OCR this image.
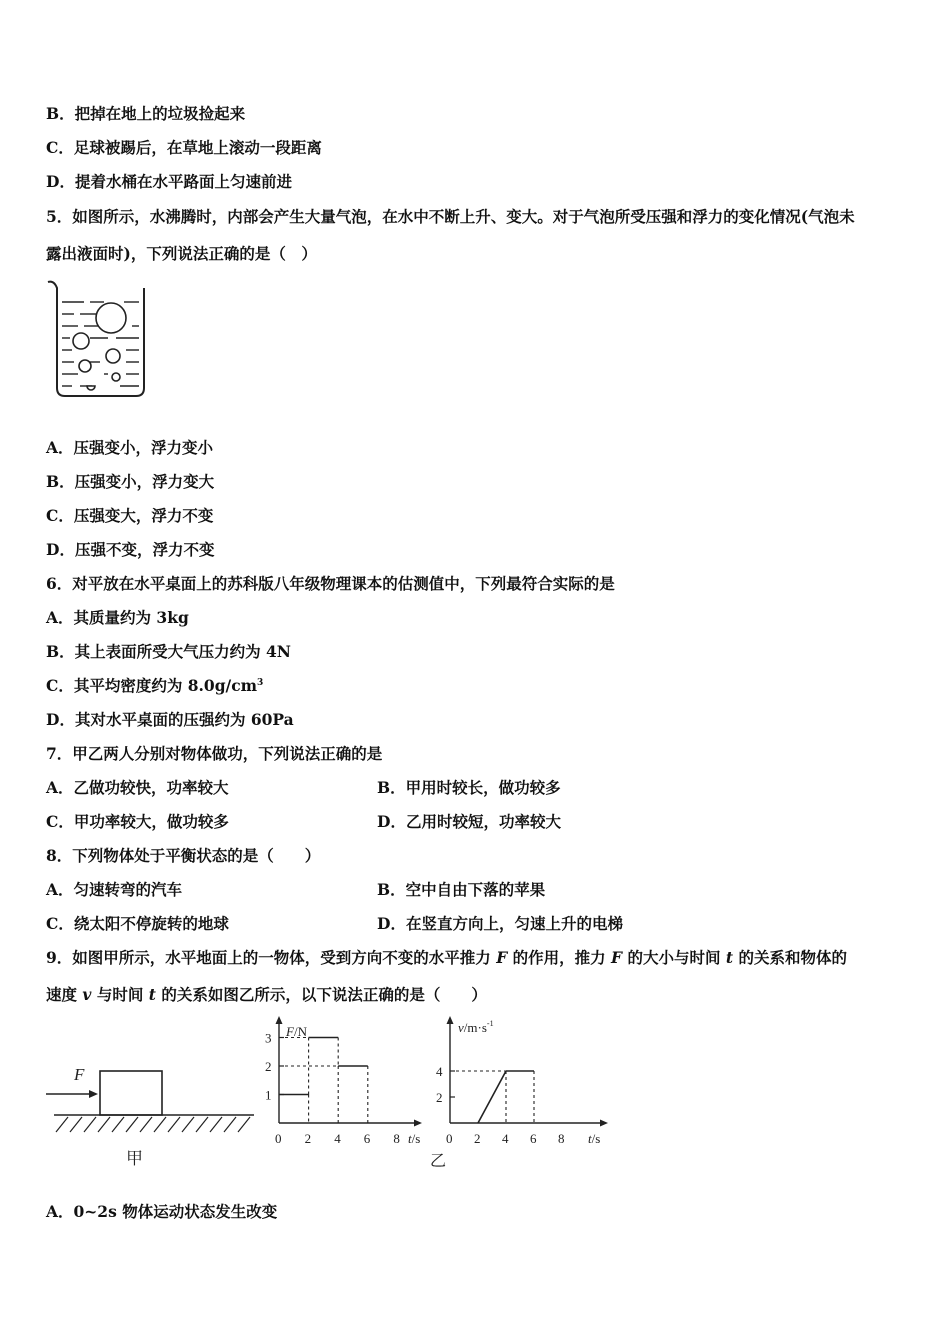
B．把掉在地上的垃圾捡起来
C．足球被踢后，在草地上滚动一段距离
D．提着水桶在水平路面上匀速前进
5．如图所示，水沸腾时，内部会产生大量气泡，在水中不断上升、变大。对于气泡所受压强和浮力的变化情况(气泡未
露出液面时)，下列说法正确的是（　）
A．压强变小，浮力变小
B．压强变小，浮力变大
C．压强变大，浮力不变
D．压强不变，浮力不变
6．对平放在水平桌面上的苏科版八年级物理课本的估测值中，下列最符合实际的是
A．其质量约为 3kg
B．其上表面所受大气压力约为 4N
C．其平均密度约为 $8.0g/cm^3$
D．其对水平桌面的压强约为 60Pa
7．甲乙两人分别对物体做功，下列说法正确的是
A．乙做功较快，功率较大	B．甲用时较长，做功较多
C．甲功率较大，做功较多	D．乙用时较短，功率较大
8．下列物体处于平衡状态的是（　　）
A．匀速转弯的汽车	B．空中自由下落的苹果
C．绕太阳不停旋转的地球	D．在竖直方向上，匀速上升的电梯
9．如图甲所示，水平地面上的一物体，受到方向不变的水平推力 F 的作用，推力 F 的大小与时间 t 的关系和物体的
速度 v 与时间 t 的关系如图乙所示，以下说法正确的是（　　）
F
甲
t/s
F/N
0 2 4 6 8
1
2
3
t/s
$v/m\cdot s^{-1}$
0 2 4 6 8
2
4
乙
A．0~2s 物体运动状态发生改变
